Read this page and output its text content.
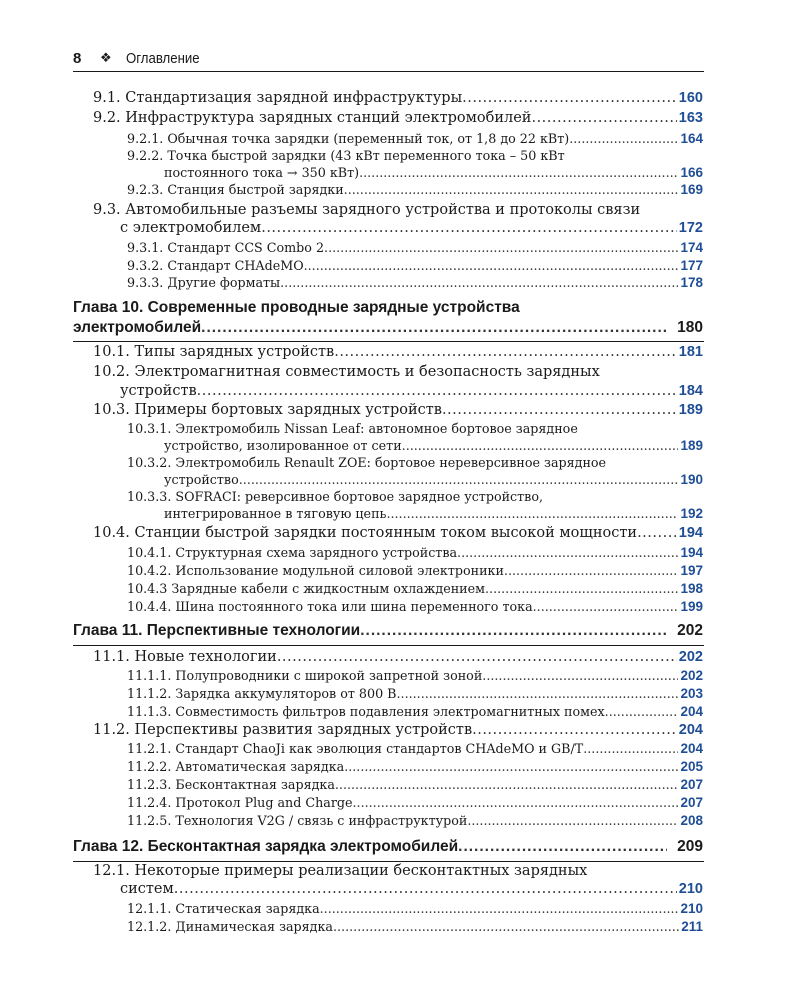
8 ❖ Оглавление
9.1. Стандартизация зарядной инфраструктуры .....	160
9.2. Инфраструктура зарядных станций электромобилей .....	163
9.2.1. Обычная точка зарядки (переменный ток, от 1,8 до 22 кВт) .....	164
9.2.2. Точка быстрой зарядки (43 кВт переменного тока – 50 кВт
постоянного тока → 350 кВт) .....	166
9.2.3. Станция быстрой зарядки .....	169
9.3. Автомобильные разъемы зарядного устройства и протоколы связи
с электромобилем .....	172
9.3.1. Стандарт CCS Combo 2 .....	174
9.3.2. Стандарт CHAdeMO .....	177
9.3.3. Другие форматы .....	178
Глава 10. Современные проводные зарядные устройства
электромобилей .....	180
10.1. Типы зарядных устройств .....	181
10.2. Электромагнитная совместимость и безопасность зарядных
устройств .....	184
10.3. Примеры бортовых зарядных устройств .....	189
10.3.1. Электромобиль Nissan Leaf: автономное бортовое зарядное
устройство, изолированное от сети .....	189
10.3.2. Электромобиль Renault ZOE: бортовое нереверсивное зарядное
устройство .....	190
10.3.3. SOFRACI: реверсивное бортовое зарядное устройство,
интегрированное в тяговую цепь .....	192
10.4. Станции быстрой зарядки постоянным током высокой мощности .....	194
10.4.1. Структурная схема зарядного устройства .....	194
10.4.2. Использование модульной силовой электроники .....	197
10.4.3 Зарядные кабели с жидкостным охлаждением .....	198
10.4.4. Шина постоянного тока или шина переменного тока .....	199
Глава 11. Перспективные технологии .....	202
11.1. Новые технологии .....	202
11.1.1. Полупроводники с широкой запретной зоной .....	202
11.1.2. Зарядка аккумуляторов от 800 В .....	203
11.1.3. Совместимость фильтров подавления электромагнитных помех .....	204
11.2. Перспективы развития зарядных устройств .....	204
11.2.1. Стандарт ChaoJi как эволюция стандартов CHAdeMO и GB/T .....	204
11.2.2. Автоматическая зарядка .....	205
11.2.3. Бесконтактная зарядка .....	207
11.2.4. Протокол Plug and Charge .....	207
11.2.5. Технология V2G / связь с инфраструктурой .....	208
Глава 12. Бесконтактная зарядка электромобилей .....	209
12.1. Некоторые примеры реализации бесконтактных зарядных
систем .....	210
12.1.1. Статическая зарядка .....	210
12.1.2. Динамическая зарядка .....	211
